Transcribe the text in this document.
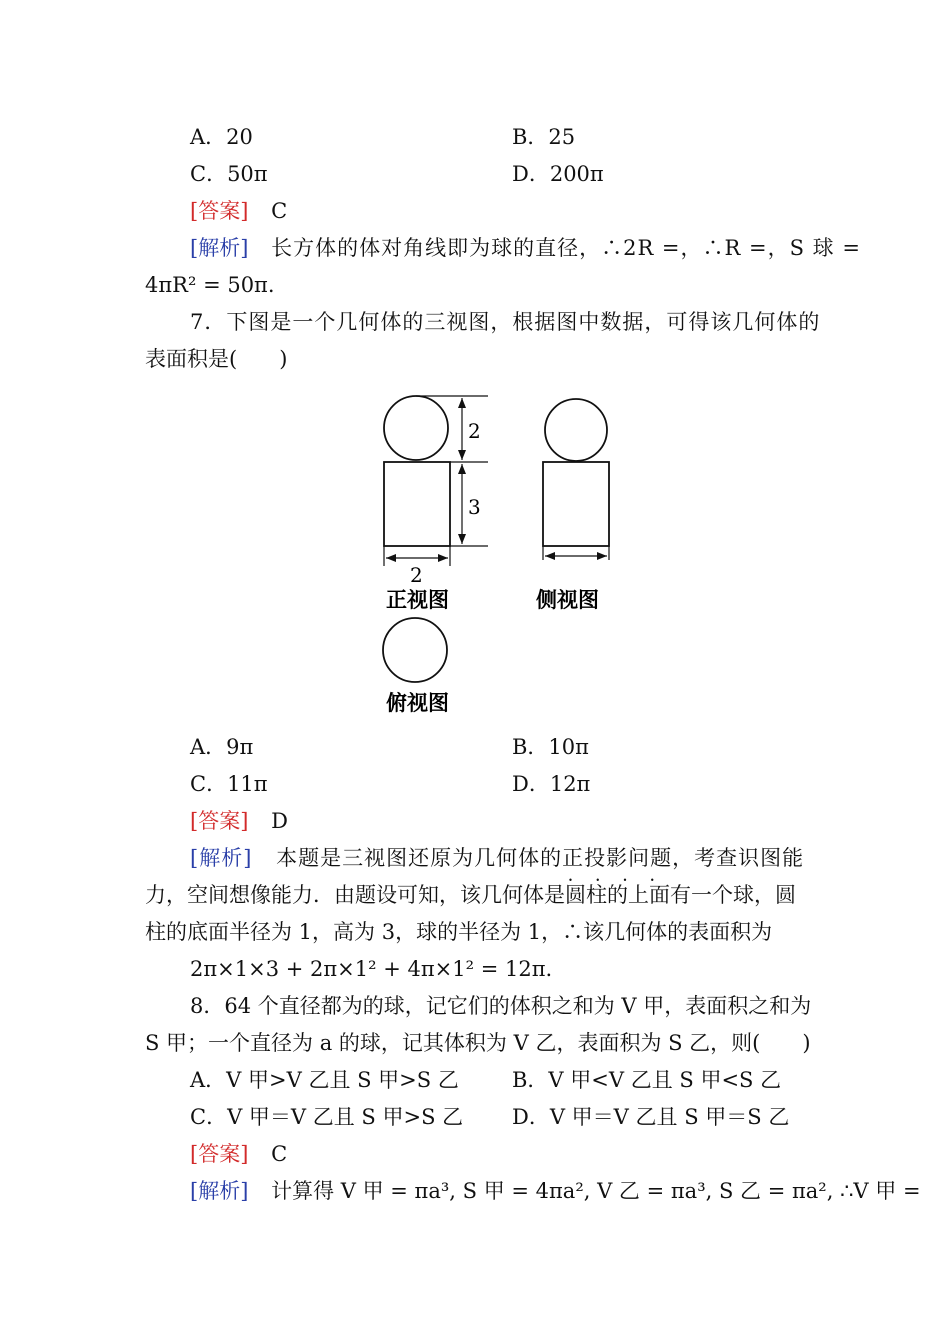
A．20	B．25
C．50π	D．200π
[答案] C
[解析] 长方体的体对角线即为球的直径，∴2R =，∴R =，S 球 =
4πR² = 50π.
7．下图是一个几何体的三视图，根据图中数据，可得该几何体的
表面积是(　　)
2
3
2
正视图	侧视图
俯视图
A．9π	B．10π
C．11π	D．12π
[答案] D
[解析] 本题是三视图还原为几何体的正投影问题 • • • •，考查识图能
力，空间想像能力．由题设可知，该几何体是圆柱的上面有一个球，圆
柱的底面半径为 1，高为 3，球的半径为 1，∴该几何体的表面积为
2π×1×3 + 2π×1² + 4π×1² = 12π.
8．64 个直径都为的球，记它们的体积之和为 V 甲，表面积之和为
S 甲；一个直径为 a 的球，记其体积为 V 乙，表面积为 S 乙，则(　　)
A．V 甲>V 乙且 S 甲>S 乙	B．V 甲<V 乙且 S 甲<S 乙
C．V 甲＝V 乙且 S 甲>S 乙 D．V 甲＝V 乙且 S 甲＝S 乙
[答案] C
[解析] 计算得 V 甲 = πa³, S 甲 = 4πa², V 乙 = πa³, S 乙 = πa², ∴V 甲 =
